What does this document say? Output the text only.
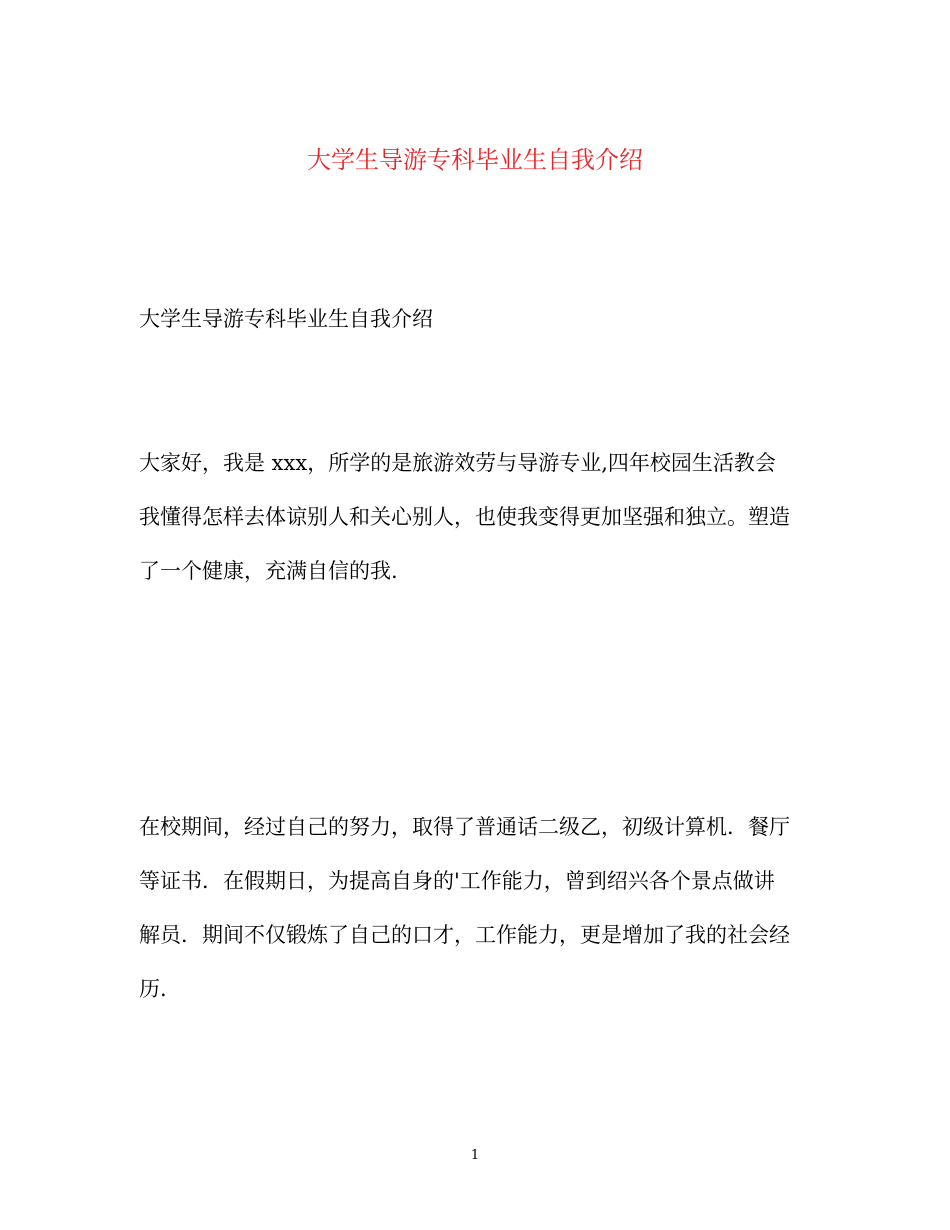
大学生导游专科毕业生自我介绍
大学生导游专科毕业生自我介绍
大家好，我是 xxx，所学的是旅游效劳与导游专业,四年校园生活教会
我懂得怎样去体谅别人和关心别人，也使我变得更加坚强和独立。塑造
了一个健康，充满自信的我.
在校期间，经过自己的努力，取得了普通话二级乙，初级计算机．餐厅
等证书．在假期日，为提高自身的'工作能力，曾到绍兴各个景点做讲
解员．期间不仅锻炼了自己的口才，工作能力，更是增加了我的社会经
历.
1
